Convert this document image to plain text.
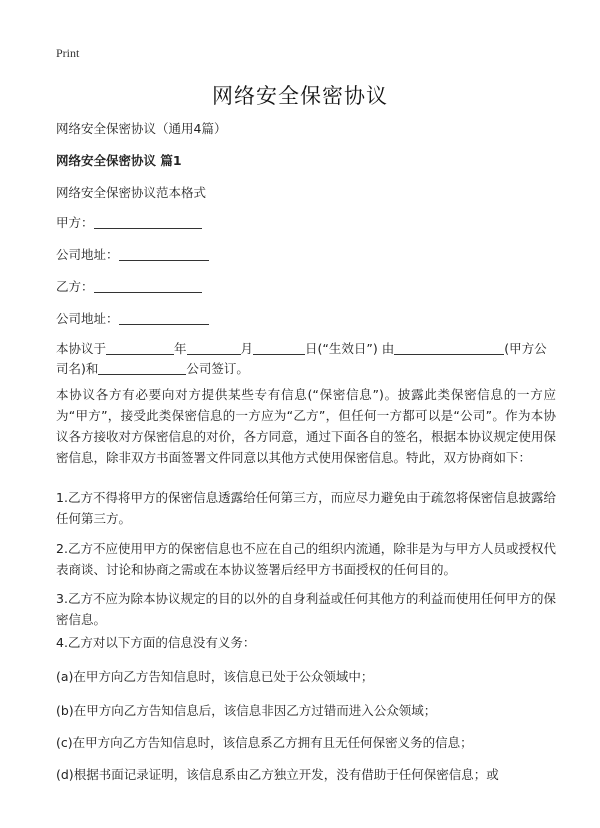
Print
网络安全保密协议
网络安全保密协议（通用4篇）
网络安全保密协议 篇1
网络安全保密协议范本格式
甲方：
公司地址：
乙方：
公司地址：
本协议于	年	月	日(“生效日”) 由	(甲方公
司名)和	公司签订。
本协议各方有必要向对方提供某些专有信息(“保密信息”)。披露此类保密信息的一方应为“甲方”，接受此类保密信息的一方应为“乙方”，但任何一方都可以是“公司”。作为本协议各方接收对方保密信息的对价，各方同意，通过下面各自的签名，根据本协议规定使用保密信息，除非双方书面签署文件同意以其他方式使用保密信息。特此，双方协商如下：
1.乙方不得将甲方的保密信息透露给任何第三方，而应尽力避免由于疏忽将保密信息披露给任何第三方。
2.乙方不应使用甲方的保密信息也不应在自己的组织内流通，除非是为与甲方人员或授权代表商谈、讨论和协商之需或在本协议签署后经甲方书面授权的任何目的。
3.乙方不应为除本协议规定的目的以外的自身利益或任何其他方的利益而使用任何甲方的保密信息。
4.乙方对以下方面的信息没有义务：
(a)在甲方向乙方告知信息时，该信息已处于公众领域中；
(b)在甲方向乙方告知信息后，该信息非因乙方过错而进入公众领域；
(c)在甲方向乙方告知信息时，该信息系乙方拥有且无任何保密义务的信息；
(d)根据书面记录证明，该信息系由乙方独立开发，没有借助于任何保密信息；或
